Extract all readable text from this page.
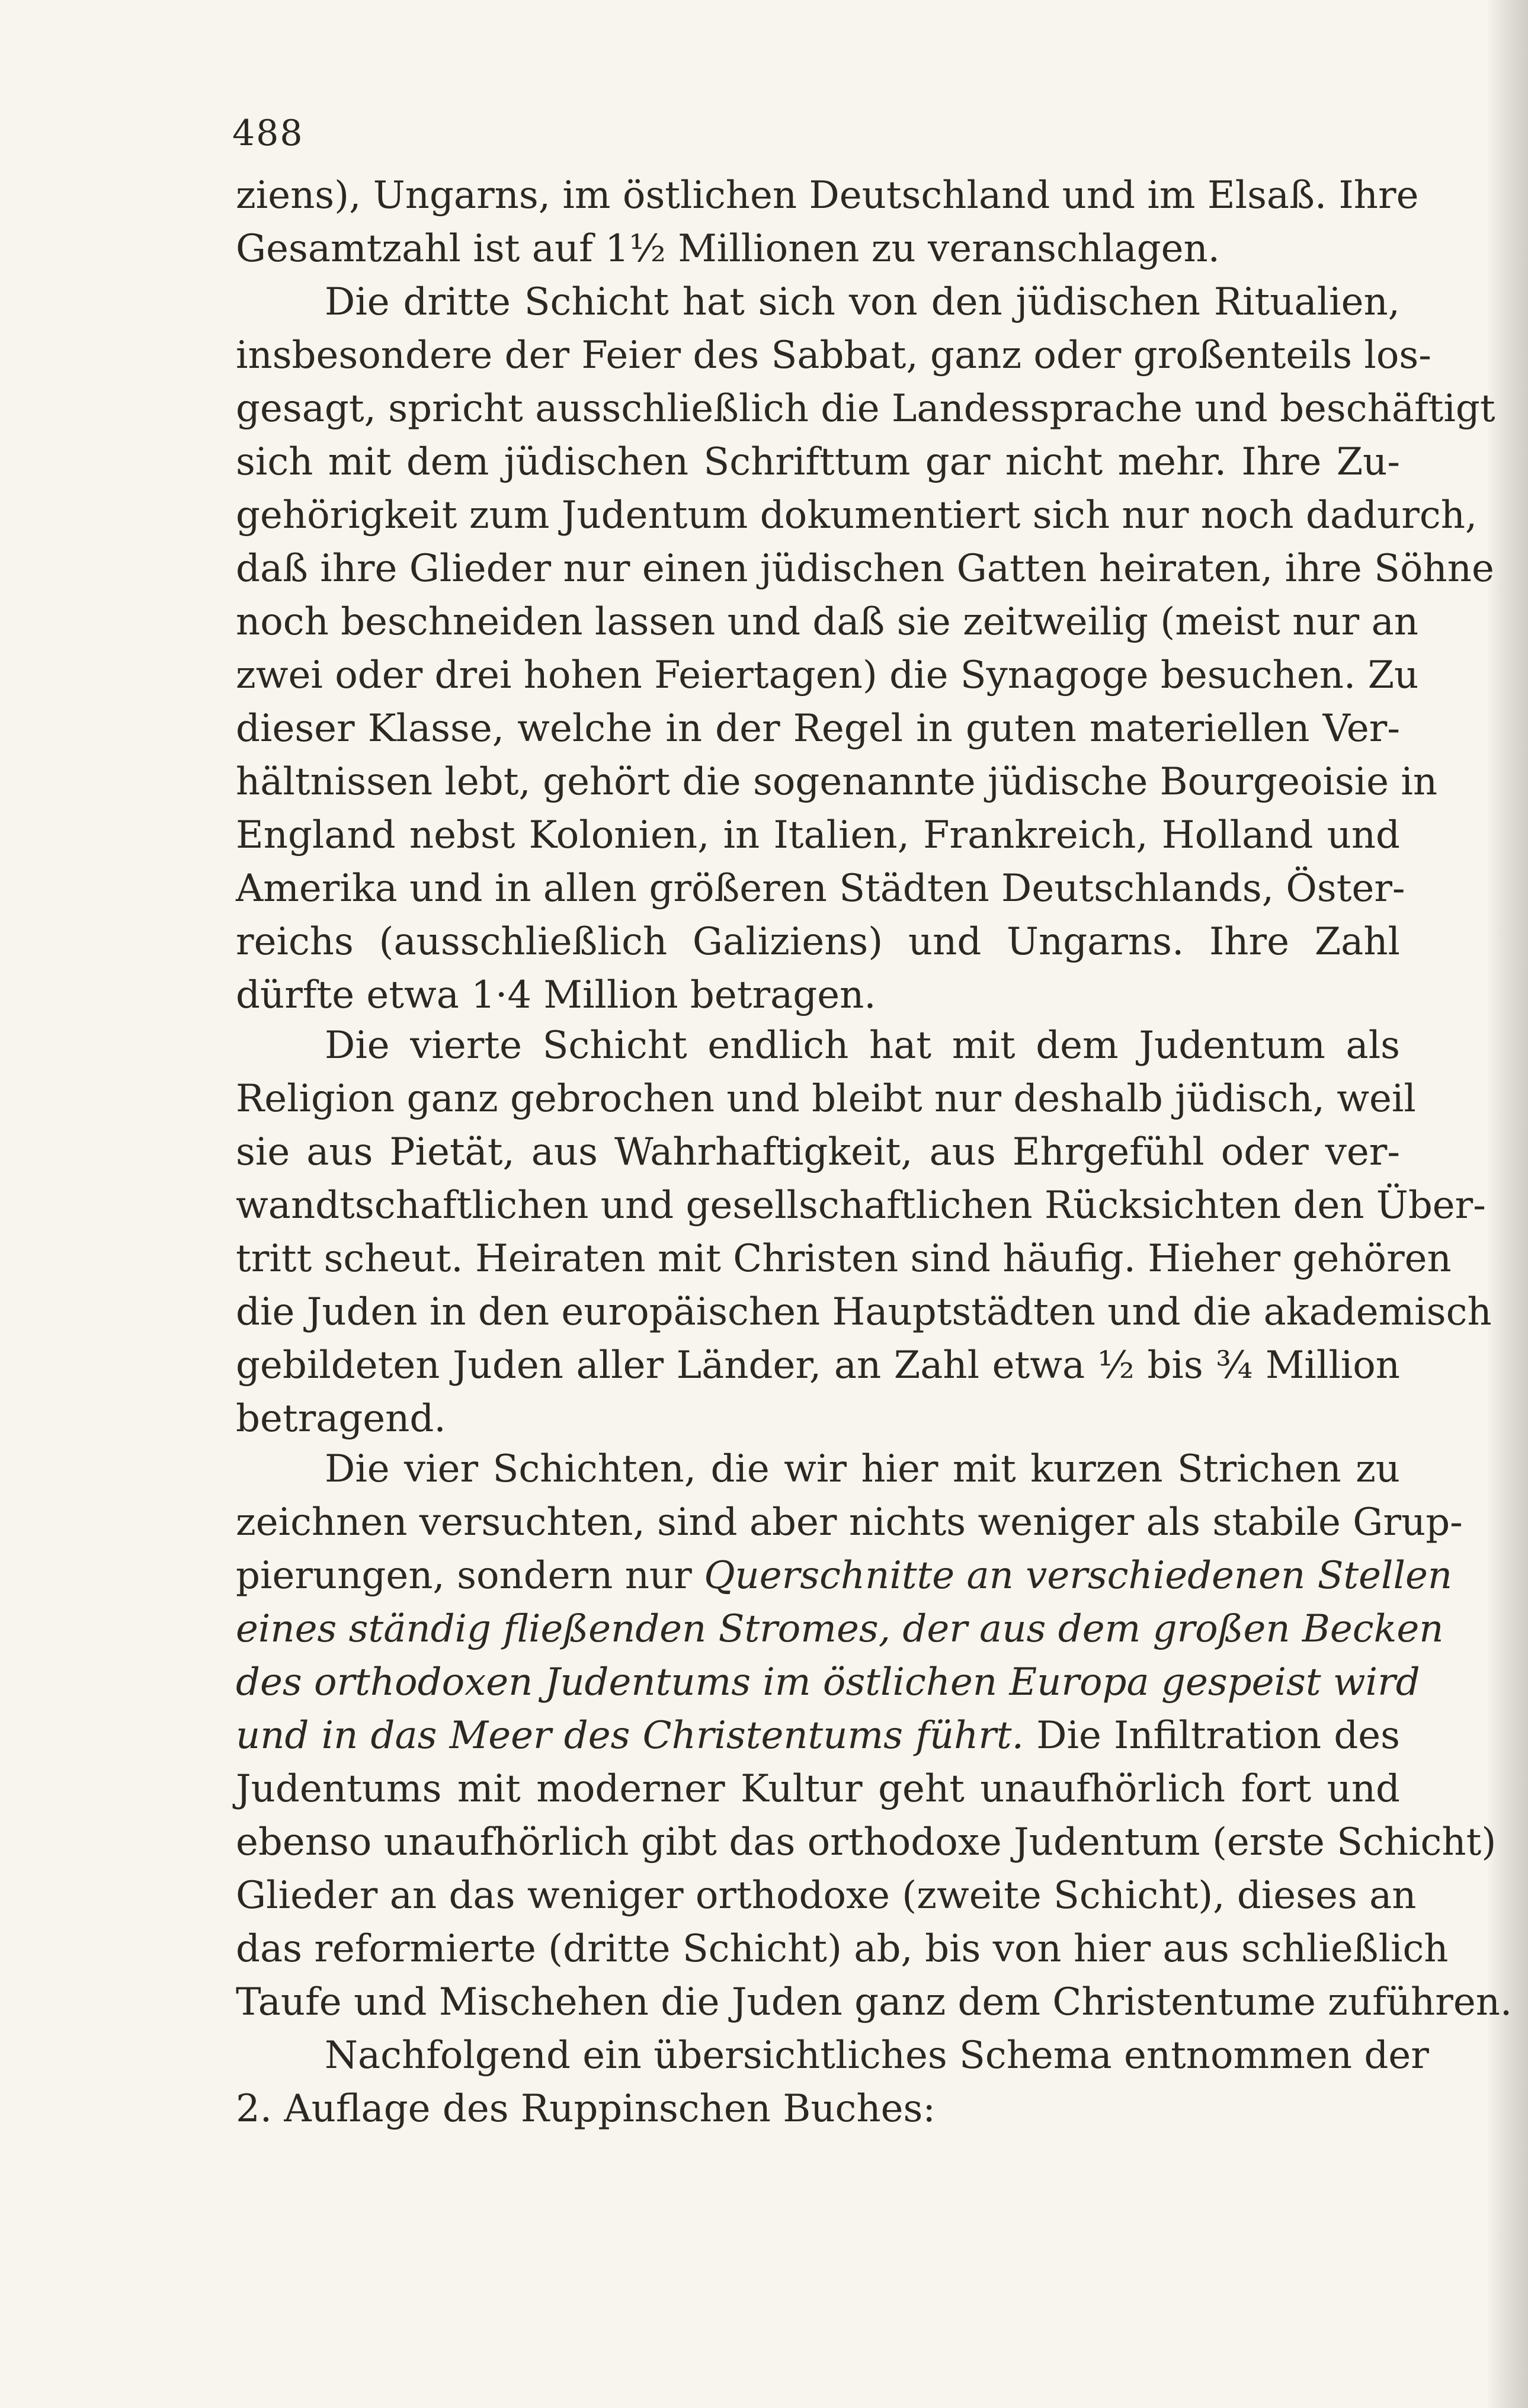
488
ziens), Ungarns, im östlichen Deutschland und im Elsaß. Ihre
Gesamtzahl ist auf 1½ Millionen zu veranschlagen.
Die dritte Schicht hat sich von den jüdischen Ritualien,
insbesondere der Feier des Sabbat, ganz oder großenteils los-
gesagt, spricht ausschließlich die Landessprache und beschäftigt
sich mit dem jüdischen Schrifttum gar nicht mehr. Ihre Zu-
gehörigkeit zum Judentum dokumentiert sich nur noch dadurch,
daß ihre Glieder nur einen jüdischen Gatten heiraten, ihre Söhne
noch beschneiden lassen und daß sie zeitweilig (meist nur an
zwei oder drei hohen Feiertagen) die Synagoge besuchen. Zu
dieser Klasse, welche in der Regel in guten materiellen Ver-
hältnissen lebt, gehört die sogenannte jüdische Bourgeoisie in
England nebst Kolonien, in Italien, Frankreich, Holland und
Amerika und in allen größeren Städten Deutschlands, Öster-
reichs (ausschließlich Galiziens) und Ungarns. Ihre Zahl
dürfte etwa 1·4 Million betragen.
Die vierte Schicht endlich hat mit dem Judentum als
Religion ganz gebrochen und bleibt nur deshalb jüdisch, weil
sie aus Pietät, aus Wahrhaftigkeit, aus Ehrgefühl oder ver-
wandtschaftlichen und gesellschaftlichen Rücksichten den Über-
tritt scheut. Heiraten mit Christen sind häufig. Hieher gehören
die Juden in den europäischen Hauptstädten und die akademisch
gebildeten Juden aller Länder, an Zahl etwa ½ bis ¾ Million
betragend.
Die vier Schichten, die wir hier mit kurzen Strichen zu
zeichnen versuchten, sind aber nichts weniger als stabile Grup-
pierungen, sondern nur Querschnitte an verschiedenen Stellen
eines ständig fließenden Stromes, der aus dem großen Becken
des orthodoxen Judentums im östlichen Europa gespeist wird
und in das Meer des Christentums führt. Die Infiltration des
Judentums mit moderner Kultur geht unaufhörlich fort und
ebenso unaufhörlich gibt das orthodoxe Judentum (erste Schicht)
Glieder an das weniger orthodoxe (zweite Schicht), dieses an
das reformierte (dritte Schicht) ab, bis von hier aus schließlich
Taufe und Mischehen die Juden ganz dem Christentume zuführen.
Nachfolgend ein übersichtliches Schema entnommen der
2. Auflage des Ruppinschen Buches:
